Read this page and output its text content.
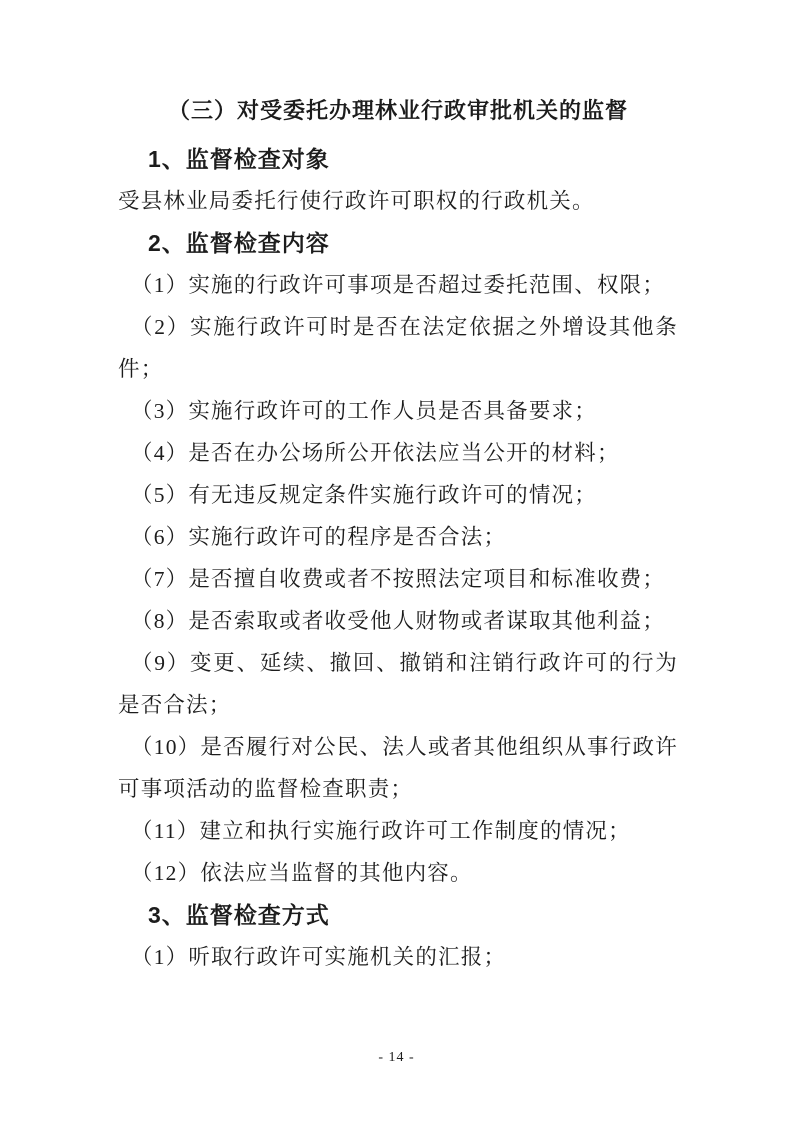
（三）对受委托办理林业行政审批机关的监督
1、监督检查对象

受县林业局委托行使行政许可职权的行政机关。

2、监督检查内容

（1）实施的行政许可事项是否超过委托范围、权限；

（2）实施行政许可时是否在法定依据之外增设其他条件；

（3）实施行政许可的工作人员是否具备要求；

（4）是否在办公场所公开依法应当公开的材料；

（5）有无违反规定条件实施行政许可的情况；

（6）实施行政许可的程序是否合法；

（7）是否擅自收费或者不按照法定项目和标准收费；

（8）是否索取或者收受他人财物或者谋取其他利益；

（9）变更、延续、撤回、撤销和注销行政许可的行为是否合法；

（10）是否履行对公民、法人或者其他组织从事行政许可事项活动的监督检查职责；

（11）建立和执行实施行政许可工作制度的情况；

（12）依法应当监督的其他内容。

3、监督检查方式

（1）听取行政许可实施机关的汇报；

- 14 -
